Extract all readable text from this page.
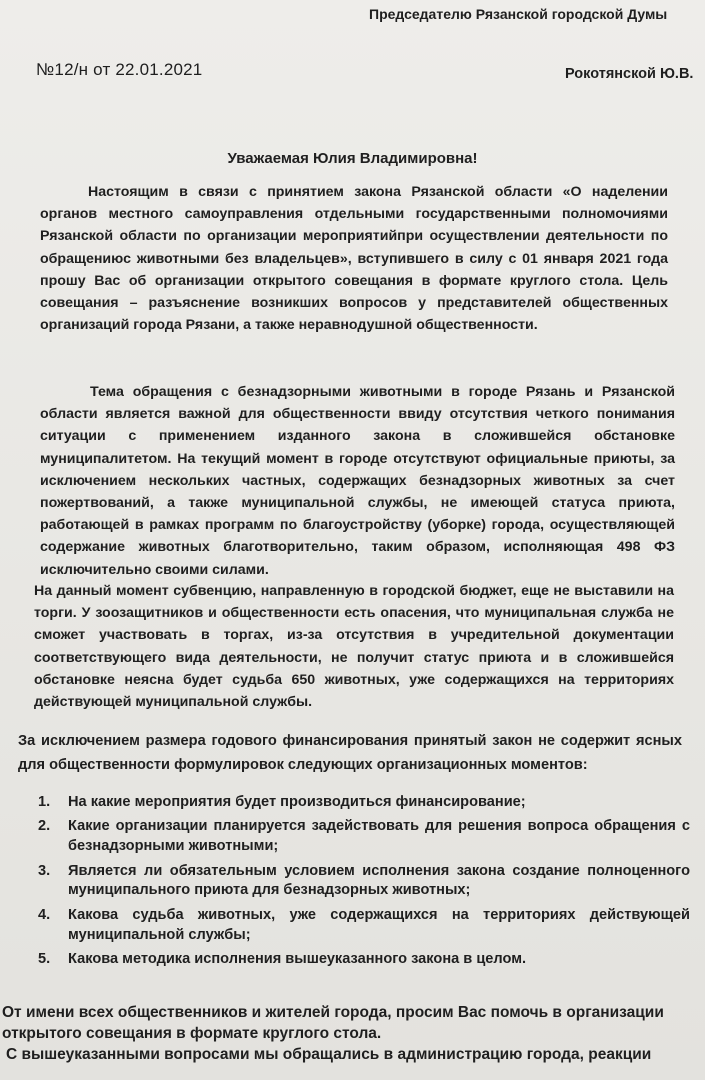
Председателю Рязанской городской Думы

№12/н от 22.01.2021	Рокотянской Ю.В.

Уважаемая Юлия Владимировна!

Настоящим в связи с принятием закона Рязанской области «О наделении органов местного самоуправления отдельными государственными полномочиями Рязанской области по организации мероприятийпри осуществлении деятельности по обращениюс животными без владельцев», вступившего в силу с 01 января 2021 года прошу Вас об организации открытого совещания в формате круглого стола. Цель совещания – разъяснение возникших вопросов у представителей общественных организаций города Рязани, а также неравнодушной общественности.

Тема обращения с безнадзорными животными в городе Рязань и Рязанской области является важной для общественности ввиду отсутствия четкого понимания ситуации с применением изданного закона в сложившейся обстановке муниципалитетом. На текущий момент в городе отсутствуют официальные приюты, за исключением нескольких частных, содержащих безнадзорных животных за счет пожертвований, а также муниципальной службы, не имеющей статуса приюта, работающей в рамках программ по благоустройству (уборке) города, осуществляющей содержание животных благотворительно, таким образом, исполняющая 498 ФЗ исключительно своими силами.

На данный момент субвенцию, направленную в городской бюджет, еще не выставили на торги. У зоозащитников и общественности есть опасения, что муниципальная служба не сможет участвовать в торгах, из-за отсутствия в учредительной документации соответствующего вида деятельности, не получит статус приюта и в сложившейся обстановке неясна будет судьба 650 животных, уже содержащихся на территориях действующей муниципальной службы.

За исключением размера годового финансирования принятый закон не содержит ясных для общественности формулировок следующих организационных моментов:

1. На какие мероприятия будет производиться финансирование;
2. Какие организации планируется задействовать для решения вопроса обращения с безнадзорными животными;
3. Является ли обязательным условием исполнения закона создание полноценного муниципального приюта для безнадзорных животных;
4. Какова судьба животных, уже содержащихся на территориях действующей муниципальной службы;
5. Какова методика исполнения вышеуказанного закона в целом.

От имени всех общественников и жителей города, просим Вас помочь в организации открытого совещания в формате круглого стола.

С вышеуказанными вопросами мы обращались в администрацию города, реакции
